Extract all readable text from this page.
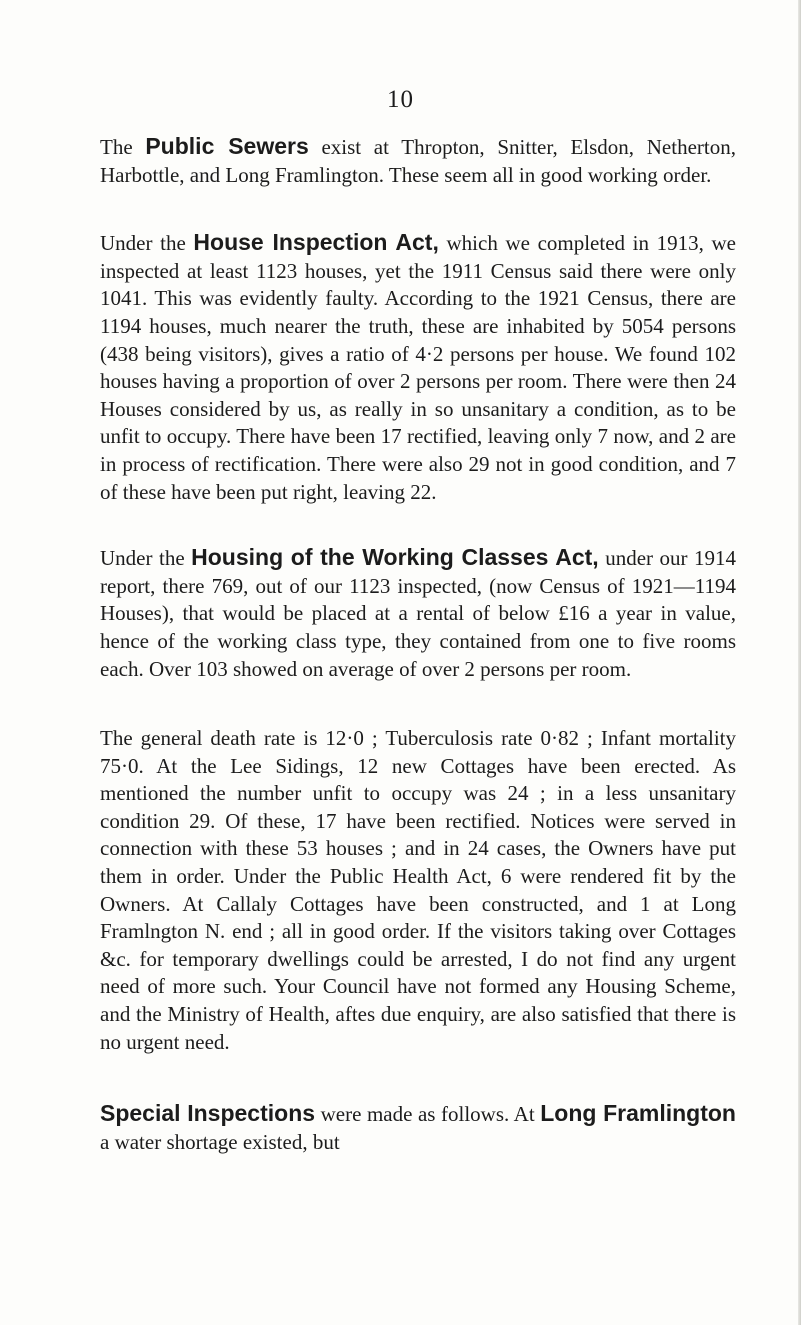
10

The Public Sewers exist at Thropton, Snitter, Elsdon, Netherton, Harbottle, and Long Framlington. These seem all in good working order.

Under the House Inspection Act, which we completed in 1913, we inspected at least 1123 houses, yet the 1911 Census said there were only 1041. This was evidently faulty. According to the 1921 Census, there are 1194 houses, much nearer the truth, these are inhabited by 5054 persons (438 being visitors), gives a ratio of 4·2 persons per house. We found 102 houses having a proportion of over 2 persons per room. There were then 24 Houses considered by us, as really in so unsanitary a condition, as to be unfit to occupy. There have been 17 rectified, leaving only 7 now, and 2 are in process of rectification. There were also 29 not in good condition, and 7 of these have been put right, leaving 22.

Under the Housing of the Working Classes Act, under our 1914 report, there 769, out of our 1123 inspected, (now Census of 1921—1194 Houses), that would be placed at a rental of below £16 a year in value, hence of the working class type, they contained from one to five rooms each. Over 103 showed on average of over 2 persons per room.

The general death rate is 12·0 ; Tuberculosis rate 0·82 ; Infant mortality 75·0. At the Lee Sidings, 12 new Cottages have been erected. As mentioned the number unfit to occupy was 24 ; in a less unsanitary condition 29. Of these, 17 have been rectified. Notices were served in connection with these 53 houses ; and in 24 cases, the Owners have put them in order. Under the Public Health Act, 6 were rendered fit by the Owners. At Callaly Cottages have been constructed, and 1 at Long Framlngton N. end ; all in good order. If the visitors taking over Cottages &c. for temporary dwellings could be arrested, I do not find any urgent need of more such. Your Council have not formed any Housing Scheme, and the Ministry of Health, aftes due enquiry, are also satisfied that there is no urgent need.

Special Inspections were made as follows. At Long Framlington a water shortage existed, but
